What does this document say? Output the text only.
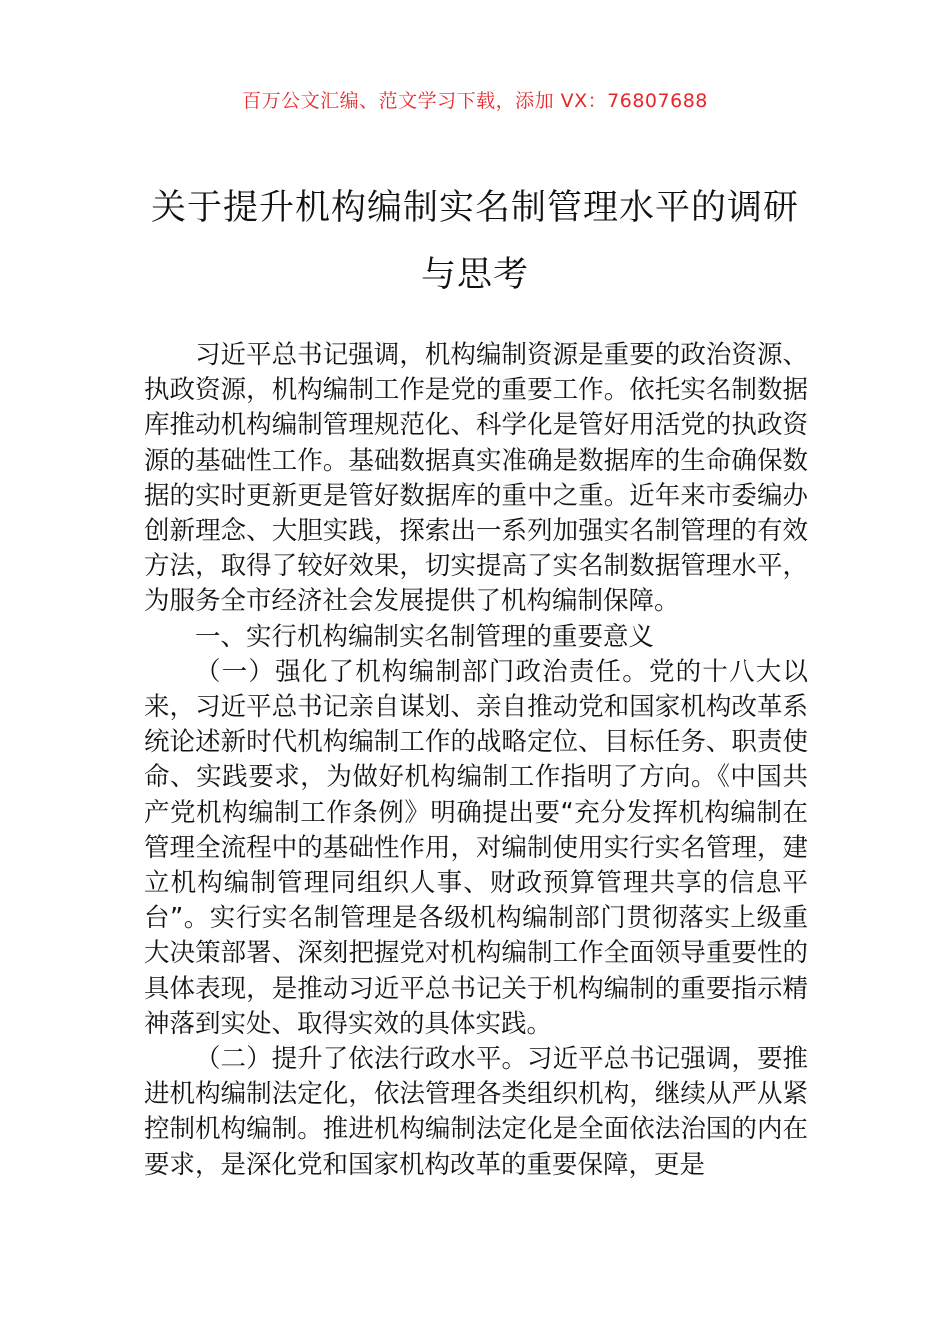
百万公文汇编、范文学习下载，添加 VX：76807688
关于提升机构编制实名制管理水平的调研
与思考

习近平总书记强调，机构编制资源是重要的政治资源、执政资源，机构编制工作是党的重要工作。依托实名制数据库推动机构编制管理规范化、科学化是管好用活党的执政资源的基础性工作。基础数据真实准确是数据库的生命确保数据的实时更新更是管好数据库的重中之重。近年来市委编办创新理念、大胆实践，探索出一系列加强实名制管理的有效方法，取得了较好效果，切实提高了实名制数据管理水平，为服务全市经济社会发展提供了机构编制保障。

一、实行机构编制实名制管理的重要意义

（一）强化了机构编制部门政治责任。党的十八大以来，习近平总书记亲自谋划、亲自推动党和国家机构改革系统论述新时代机构编制工作的战略定位、目标任务、职责使命、实践要求，为做好机构编制工作指明了方向。《中国共产党机构编制工作条例》明确提出要“充分发挥机构编制在管理全流程中的基础性作用，对编制使用实行实名管理，建立机构编制管理同组织人事、财政预算管理共享的信息平台”。实行实名制管理是各级机构编制部门贯彻落实上级重大决策部署、深刻把握党对机构编制工作全面领导重要性的具体表现，是推动习近平总书记关于机构编制的重要指示精神落到实处、取得实效的具体实践。

（二）提升了依法行政水平。习近平总书记强调，要推进机构编制法定化，依法管理各类组织机构，继续从严从紧控制机构编制。推进机构编制法定化是全面依法治国的内在要求，是深化党和国家机构改革的重要保障，更是
